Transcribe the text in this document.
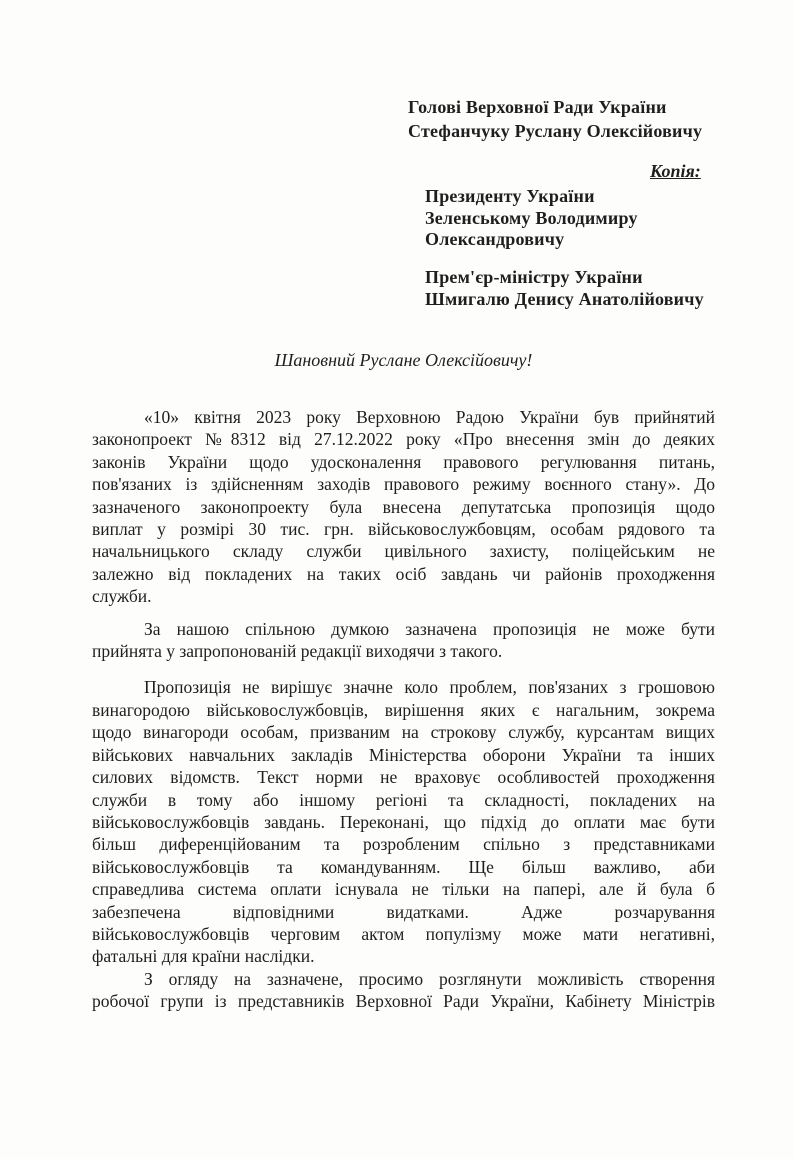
Голові Верховної Ради України
Стефанчуку Руслану Олексійовичу
Копія:
Президенту України
Зеленському Володимиру
Олександровичу
Прем'єр-міністру України
Шмигалю Денису Анатолійовичу
Шановний Руслане Олексійовичу!
«10» квітня 2023 року Верховною Радою України був прийнятий
законопроект №8312 від 27.12.2022 року «Про внесення змін до деяких
законів України щодо удосконалення правового регулювання питань,
пов'язаних із здійсненням заходів правового режиму воєнного стану». До
зазначеного законопроекту була внесена депутатська пропозиція щодо
виплат у розмірі 30 тис. грн. військовослужбовцям, особам рядового та
начальницького складу служби цивільного захисту, поліцейським не
залежно від покладених на таких осіб завдань чи районів проходження
служби.
За нашою спільною думкою зазначена пропозиція не може бути
прийнята у запропонованій редакції виходячи з такого.
Пропозиція не вирішує значне коло проблем, пов'язаних з грошовою
винагородою військовослужбовців, вирішення яких є нагальним, зокрема
щодо винагороди особам, призваним на строкову службу, курсантам вищих
військових навчальних закладів Міністерства оборони України та інших
силових відомств. Текст норми не враховує особливостей проходження
служби в тому або іншому регіоні та складності, покладених на
військовослужбовців завдань. Переконані, що підхід до оплати має бути
більш диференційованим та розробленим спільно з представниками
військовослужбовців та командуванням. Ще більш важливо, аби
справедлива система оплати існувала не тільки на папері, але й була б
забезпечена відповідними видатками. Адже розчарування
військовослужбовців черговим актом популізму може мати негативні,
фатальні для країни наслідки.
З огляду на зазначене, просимо розглянути можливість створення
робочої групи із представників Верховної Ради України, Кабінету Міністрів
